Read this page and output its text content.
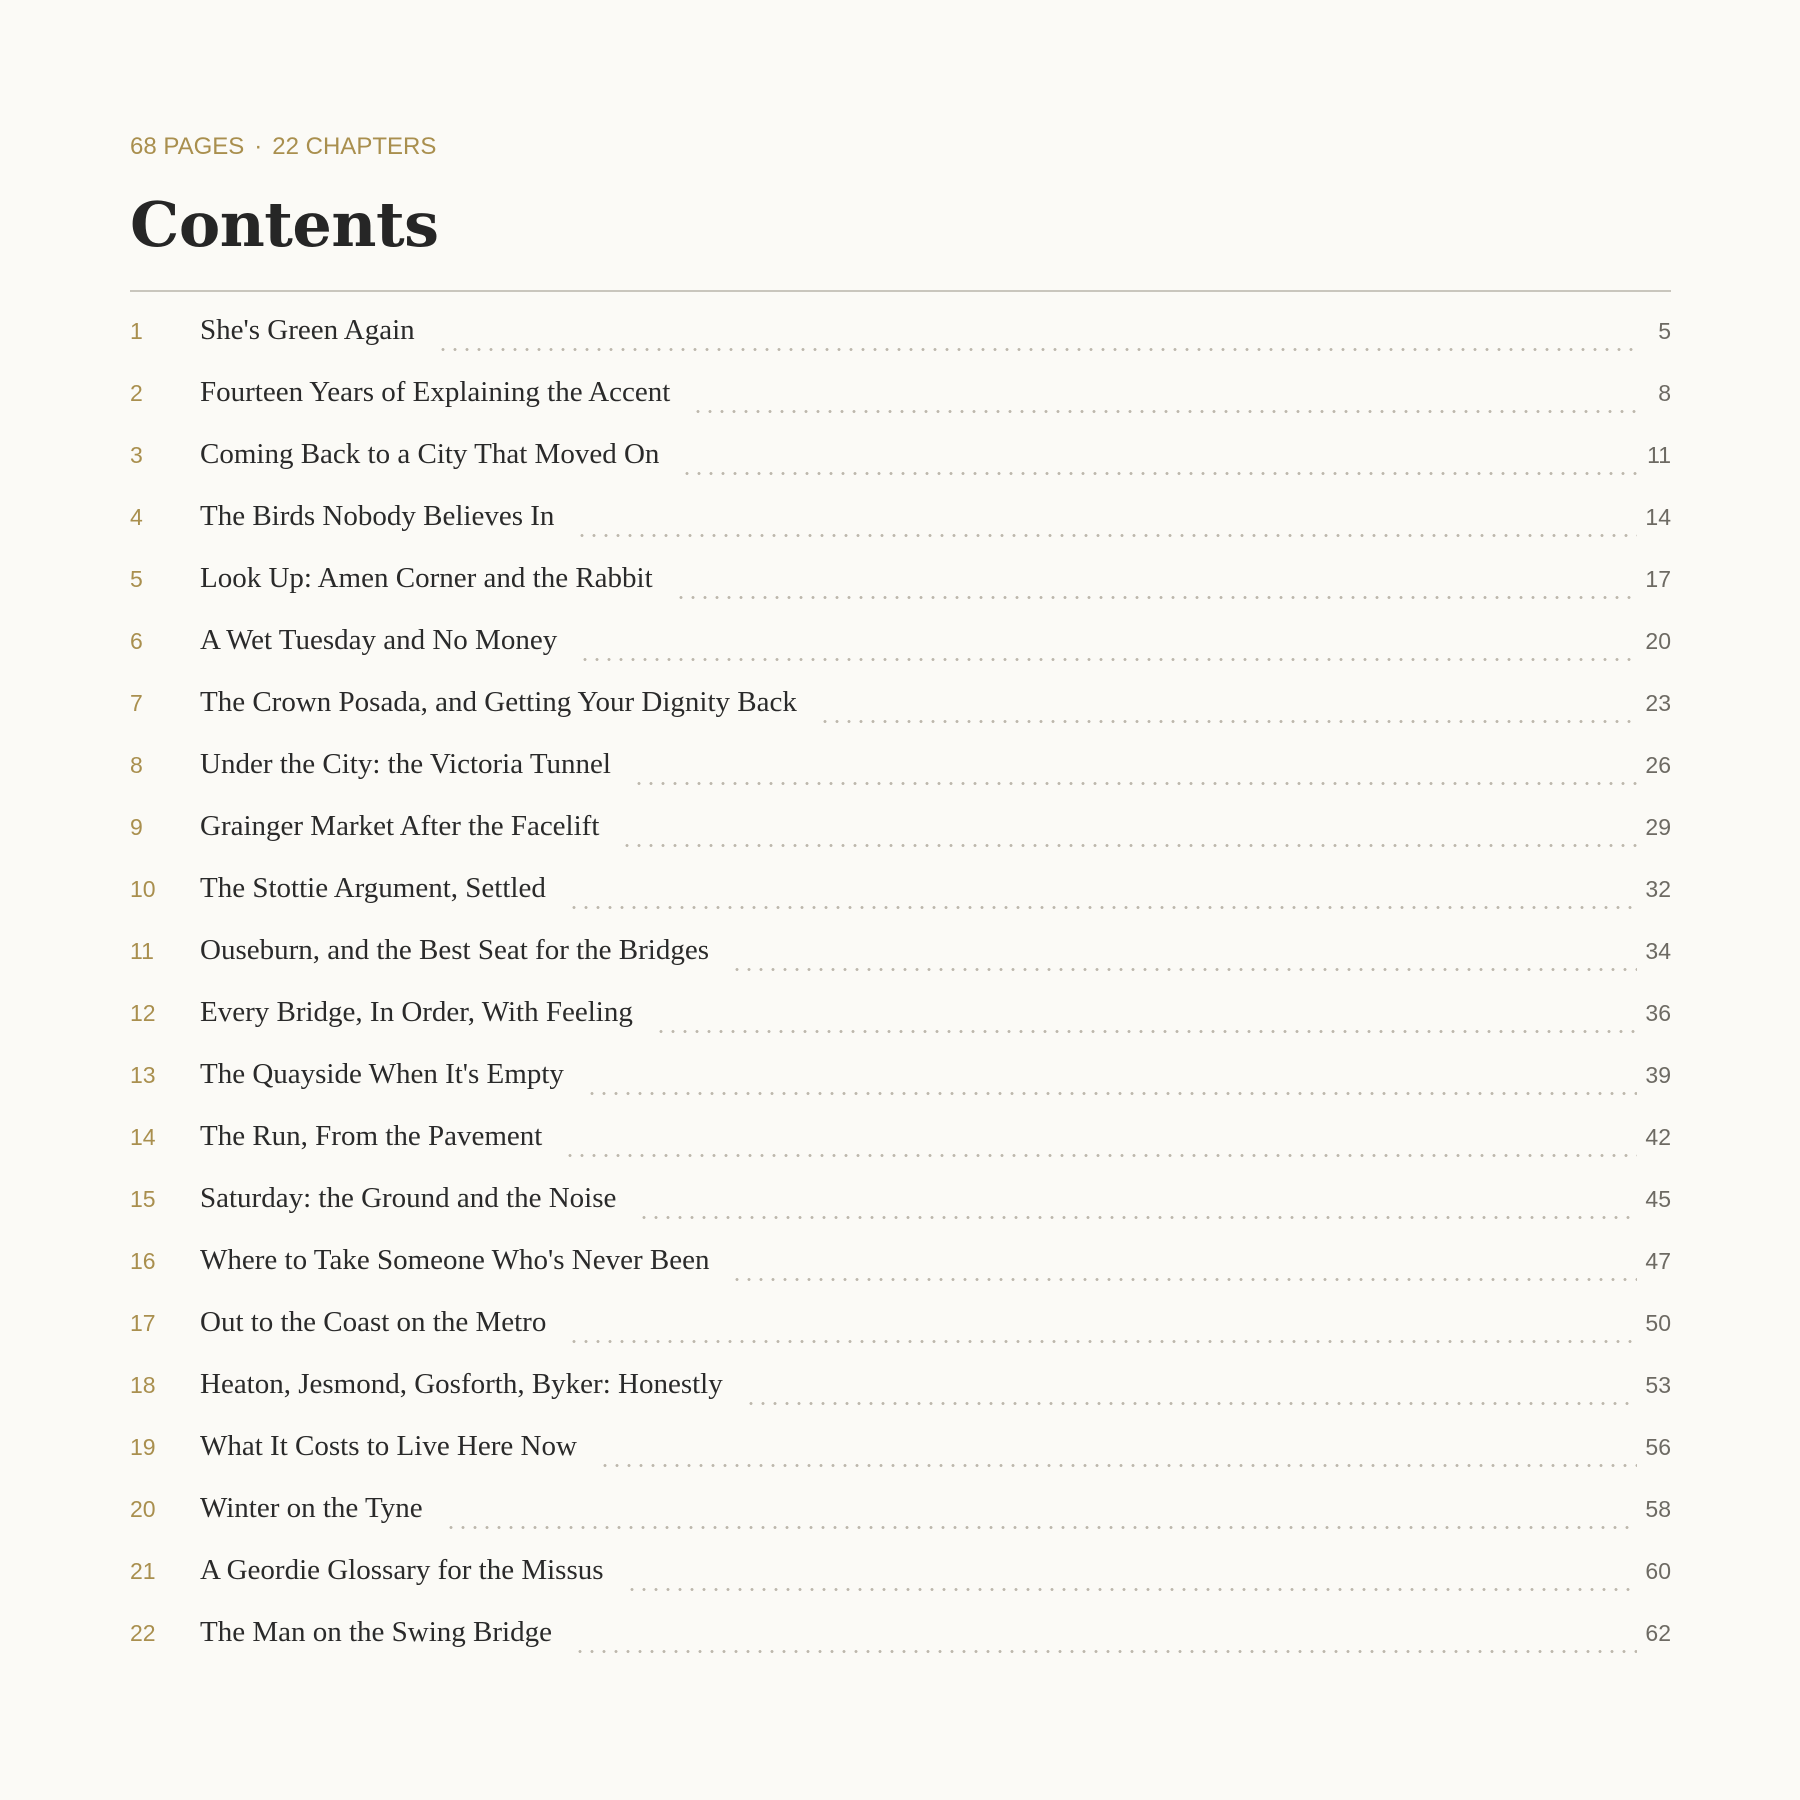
68 PAGES · 22 CHAPTERS
Contents
1	She's Green Again	5
2	Fourteen Years of Explaining the Accent	8
3	Coming Back to a City That Moved On	11
4	The Birds Nobody Believes In	14
5	Look Up: Amen Corner and the Rabbit	17
6	A Wet Tuesday and No Money	20
7	The Crown Posada, and Getting Your Dignity Back	23
8	Under the City: the Victoria Tunnel	26
9	Grainger Market After the Facelift	29
10	The Stottie Argument, Settled	32
11	Ouseburn, and the Best Seat for the Bridges	34
12	Every Bridge, In Order, With Feeling	36
13	The Quayside When It's Empty	39
14	The Run, From the Pavement	42
15	Saturday: the Ground and the Noise	45
16	Where to Take Someone Who's Never Been	47
17	Out to the Coast on the Metro	50
18	Heaton, Jesmond, Gosforth, Byker: Honestly	53
19	What It Costs to Live Here Now	56
20	Winter on the Tyne	58
21	A Geordie Glossary for the Missus	60
22	The Man on the Swing Bridge	62
